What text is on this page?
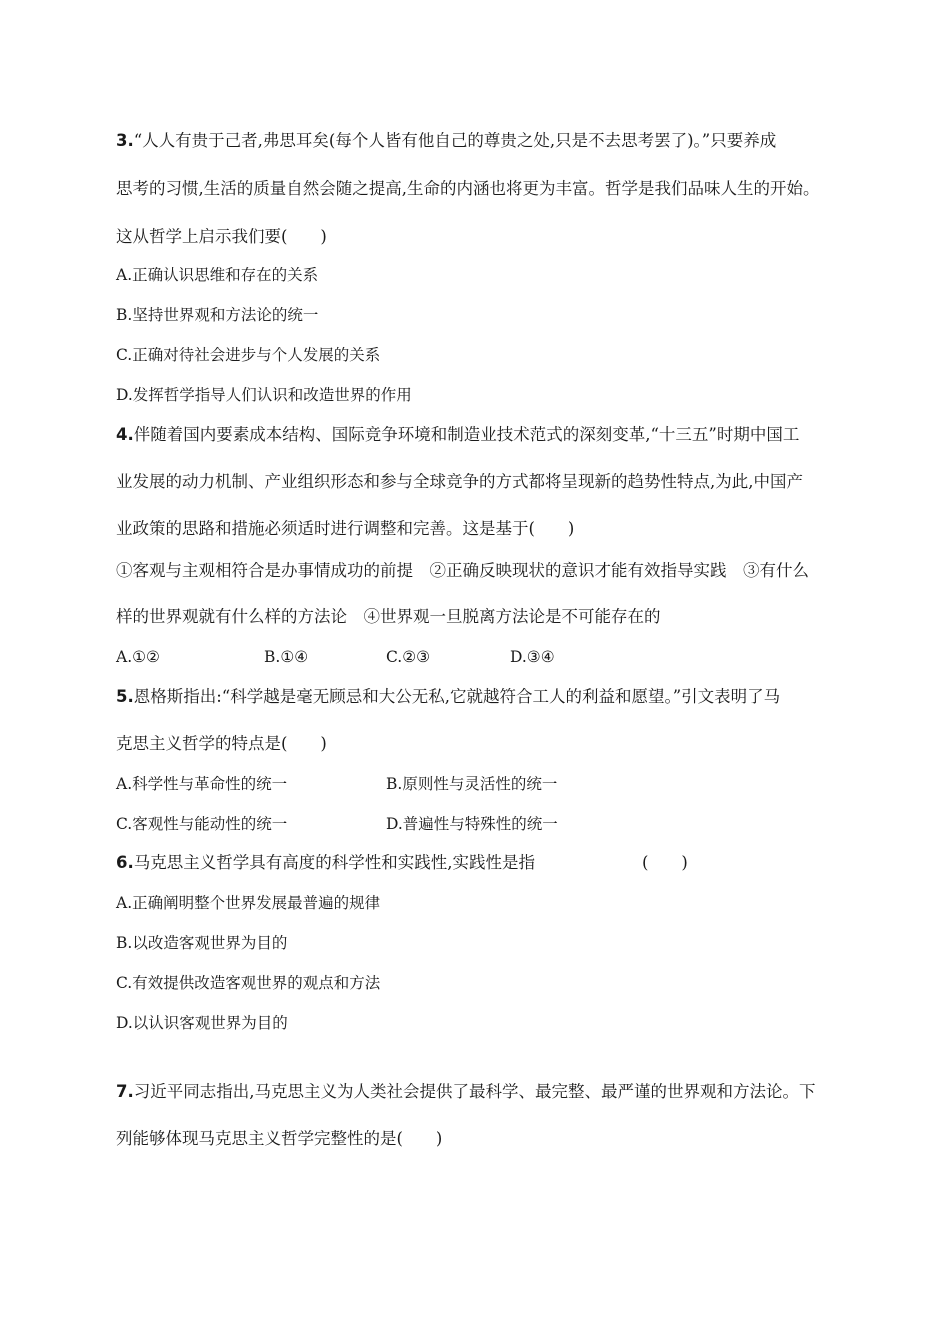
3.“人人有贵于己者,弗思耳矣(每个人皆有他自己的尊贵之处,只是不去思考罢了)。”只要养成
思考的习惯,生活的质量自然会随之提高,生命的内涵也将更为丰富。哲学是我们品味人生的开始。
这从哲学上启示我们要(　　)
A.正确认识思维和存在的关系
B.坚持世界观和方法论的统一
C.正确对待社会进步与个人发展的关系
D.发挥哲学指导人们认识和改造世界的作用
4.伴随着国内要素成本结构、国际竞争环境和制造业技术范式的深刻变革,“十三五”时期中国工
业发展的动力机制、产业组织形态和参与全球竞争的方式都将呈现新的趋势性特点,为此,中国产
业政策的思路和措施必须适时进行调整和完善。这是基于(　　)
①客观与主观相符合是办事情成功的前提　②正确反映现状的意识才能有效指导实践　③有什么
样的世界观就有什么样的方法论　④世界观一旦脱离方法论是不可能存在的
A.①②	B.①④	C.②③	D.③④
5.恩格斯指出:“科学越是毫无顾忌和大公无私,它就越符合工人的利益和愿望。”引文表明了马
克思主义哲学的特点是(　　)
A.科学性与革命性的统一	B.原则性与灵活性的统一
C.客观性与能动性的统一	D.普遍性与特殊性的统一
6.马克思主义哲学具有高度的科学性和实践性,实践性是指	(　　)
A.正确阐明整个世界发展最普遍的规律
B.以改造客观世界为目的
C.有效提供改造客观世界的观点和方法
D.以认识客观世界为目的
7.习近平同志指出,马克思主义为人类社会提供了最科学、最完整、最严谨的世界观和方法论。下
列能够体现马克思主义哲学完整性的是(　　)
